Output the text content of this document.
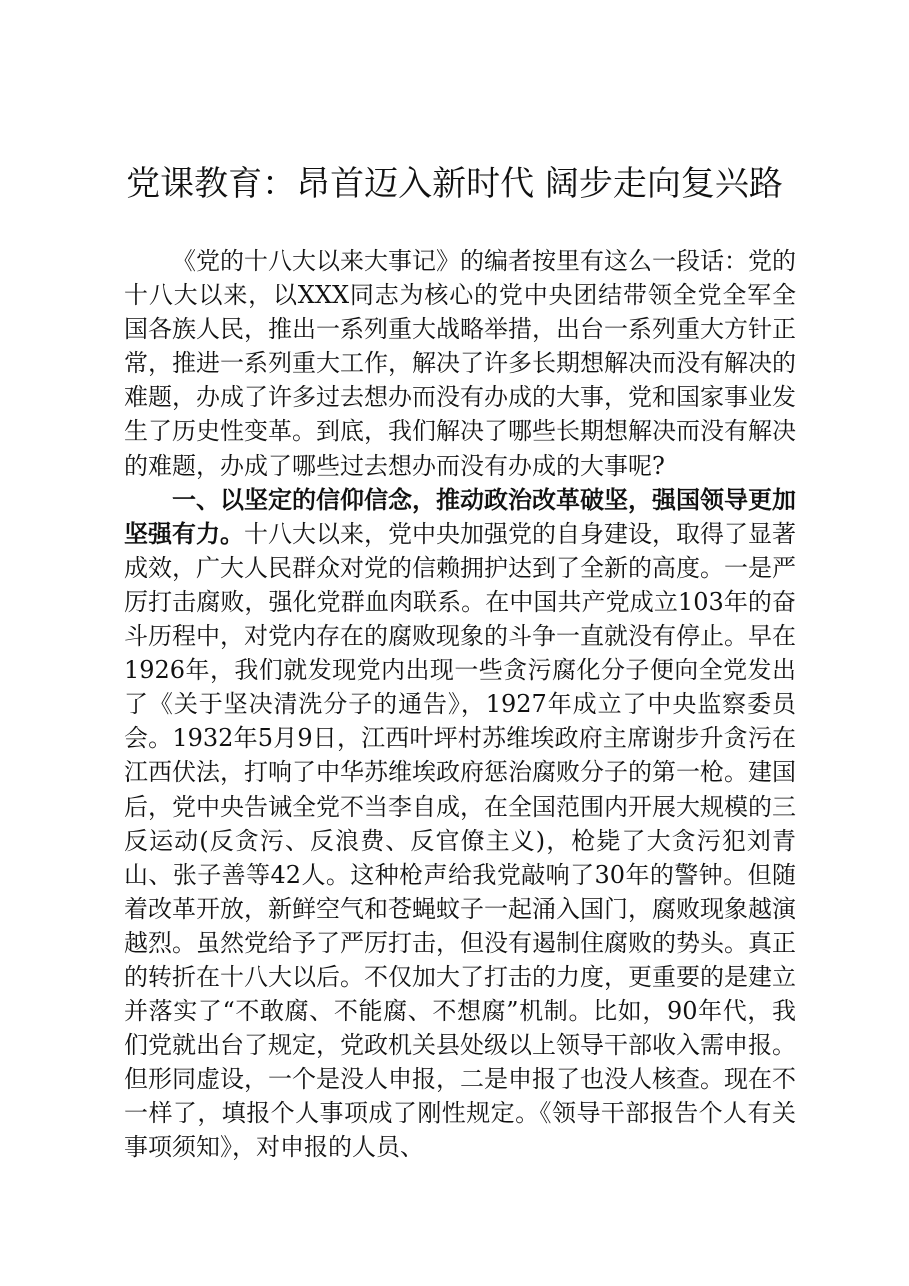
党课教育：昂首迈入新时代 阔步走向复兴路

《党的十八大以来大事记》的编者按里有这么一段话：党的十八大以来，以XXX同志为核心的党中央团结带领全党全军全国各族人民，推出一系列重大战略举措，出台一系列重大方针正常，推进一系列重大工作，解决了许多长期想解决而没有解决的难题，办成了许多过去想办而没有办成的大事，党和国家事业发生了历史性变革。到底，我们解决了哪些长期想解决而没有解决的难题，办成了哪些过去想办而没有办成的大事呢?

一、以坚定的信仰信念，推动政治改革破坚，强国领导更加坚强有力。十八大以来，党中央加强党的自身建设，取得了显著成效，广大人民群众对党的信赖拥护达到了全新的高度。一是严厉打击腐败，强化党群血肉联系。在中国共产党成立103年的奋斗历程中，对党内存在的腐败现象的斗争一直就没有停止。早在1926年，我们就发现党内出现一些贪污腐化分子便向全党发出了《关于坚决清洗分子的通告》，1927年成立了中央监察委员会。1932年5月9日，江西叶坪村苏维埃政府主席谢步升贪污在江西伏法，打响了中华苏维埃政府惩治腐败分子的第一枪。建国后，党中央告诫全党不当李自成，在全国范围内开展大规模的三反运动(反贪污、反浪费、反官僚主义)，枪毙了大贪污犯刘青山、张子善等42人。这种枪声给我党敲响了30年的警钟。但随着改革开放，新鲜空气和苍蝇蚊子一起涌入国门，腐败现象越演越烈。虽然党给予了严厉打击，但没有遏制住腐败的势头。真正的转折在十八大以后。不仅加大了打击的力度，更重要的是建立并落实了“不敢腐、不能腐、不想腐”机制。比如，90年代，我们党就出台了规定，党政机关县处级以上领导干部收入需申报。但形同虚设，一个是没人申报，二是申报了也没人核查。现在不一样了，填报个人事项成了刚性规定。《领导干部报告个人有关事项须知》，对申报的人员、
